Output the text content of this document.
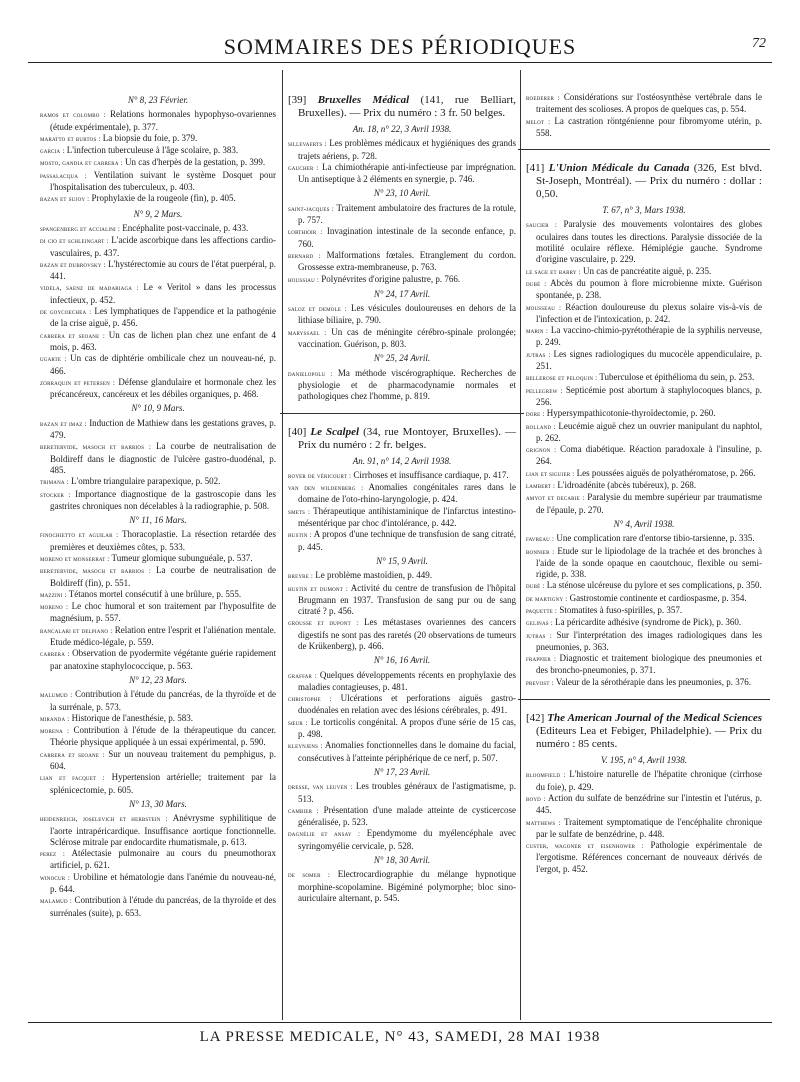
SOMMAIRES DES PÉRIODIQUES	72
N° 8, 23 Février.
ramos et colombo : Relations hormonales hypophyso-ovariennes (étude expérimentale), p. 377.
maratto et burtos : La biopsie du foie, p. 379.
garcia : L'infection tuberculeuse à l'âge scolaire, p. 383.
mosto, gandia et carrera : Un cas d'herpès de la gestation, p. 399.
passalacqua : Ventilation suivant le système Dosquet pour l'hospitalisation des tuberculeux, p. 403.
bazan et sujoy : Prophylaxie de la rougeole (fin), p. 405.
N° 9, 2 Mars.
spangenberg et accialini : Encéphalite post-vaccinale, p. 433.
di cio et schleingart : L'acide ascorbique dans les affections cardio-vasculaires, p. 437.
bazan et dubrovsky : L'hystérectomie au cours de l'état puerpéral, p. 441.
videla, saenz de madariaga : Le « Veritol » dans les processus infectieux, p. 452.
de goycoechea : Les lymphatiques de l'appendice et la pathogénie de la crise aiguë, p. 456.
carrera et seoane : Un cas de lichen plan chez une enfant de 4 mois, p. 463.
ugarte : Un cas de diphtérie ombilicale chez un nouveau-né, p. 466.
zorraquin et petersen : Défense glandulaire et hormonale chez les précancéreux, cancéreux et les débiles organiques, p. 468.
N° 10, 9 Mars.
bazan et imaz : Induction de Mathiew dans les gestations graves, p. 479.
beretervide, masoch et barrios : La courbe de neutralisation de Boldireff dans le diagnostic de l'ulcère gastro-duodénal, p. 485.
trimana : L'ombre triangulaire parapexique, p. 502.
stocker : Importance diagnostique de la gastroscopie dans les gastrites chroniques non décelables à la radiographie, p. 508.
N° 11, 16 Mars.
finochietto et aguilar : Thoracoplastie. La résection retardée des premières et deuxièmes côtes, p. 533.
moreno et monserrat : Tumeur glomique subunguéale, p. 537.
beretervide, masoch et barrios : La courbe de neutralisation de Boldireff (fin), p. 551.
mazzini : Tétanos mortel consécutif à une brûlure, p. 555.
moreno : Le choc humoral et son traitement par l'hyposulfite de magnésium, p. 557.
bancalari et delpiano : Relation entre l'esprit et l'aliénation mentale. Etude médico-légale, p. 559.
carrera : Observation de pyodermite végétante guérie rapidement par anatoxine staphylococcique, p. 563.
N° 12, 23 Mars.
malumud : Contribution à l'étude du pancréas, de la thyroïde et de la surrénale, p. 573.
miranda : Historique de l'anesthésie, p. 583.
morena : Contribution à l'étude de la thérapeutique du cancer. Théorie physique appliquée à un essai expérimental, p. 590.
carrera et seoane : Sur un nouveau traitement du pemphigus, p. 604.
lian et facquet : Hypertension artérielle; traitement par la splénicectomie, p. 605.
N° 13, 30 Mars.
heidenreich, joselevich et herbstein : Anévrysme syphilitique de l'aorte intrapéricardique. Insuffisance aortique fonctionnelle. Sclérose mitrale par endocardite rhumatismale, p. 613.
perez : Atélectasie pulmonaire au cours du pneumothorax artificiel, p. 621.
winocur : Urobiline et hématologie dans l'anémie du nouveau-né, p. 644.
malamud : Contribution à l'étude du pancréas, de la thyroïde et des surrénales (suite), p. 653.
[39] Bruxelles Médical (141, rue Belliart, Bruxelles). — Prix du numéro : 3 fr. 50 belges.
An. 18, n° 22, 3 Avril 1938.
sillevaerts : Les problèmes médicaux et hygiéniques des grands trajets aériens, p. 728.
gaucher : La chimiothérapie anti-infectieuse par imprégnation. Un antiseptique à 2 éléments en synergie, p. 746.
N° 23, 10 Avril.
saint-jacques : Traitement ambulatoire des fractures de la rotule, p. 757.
lorthioir : Invagination intestinale de la seconde enfance, p. 760.
bernard : Malformations fœtales. Etranglement du cordon. Grossesse extra-membraneuse, p. 763.
houssiau : Polynévrites d'origine palustre, p. 766.
N° 24, 17 Avril.
saloz et demole : Les vésicules douloureuses en dehors de la lithiase biliaire, p. 790.
maryssael : Un cas de méningite cérébro-spinale prolongée; vaccination. Guérison, p. 803.
N° 25, 24 Avril.
danielopolu : Ma méthode viscérographique. Recherches de physiologie et de pharmacodynamie normales et pathologiques chez l'homme, p. 819.
[40] Le Scalpel (34, rue Montoyer, Bruxelles). — Prix du numéro : 2 fr. belges.
An. 91, n° 14, 2 Avril 1938.
royer de véricourt : Cirrhoses et insuffisance cardiaque, p. 417.
van den wildenberg : Anomalies congénitales rares dans le domaine de l'oto-rhino-laryngologie, p. 424.
smets : Thérapeutique antihistaminique de l'infarctus intestino-mésentérique par choc d'intolérance, p. 442.
hustin : A propos d'une technique de transfusion de sang citraté, p. 445.
N° 15, 9 Avril.
breyre : Le problème mastoïdien, p. 449.
hustin et dumont : Activité du centre de transfusion de l'hôpital Brugmann en 1937. Transfusion de sang pur ou de sang citraté ? p. 456.
grousse et dupont : Les métastases ovariennes des cancers digestifs ne sont pas des raretés (20 observations de tumeurs de Krükenberg), p. 466.
N° 16, 16 Avril.
graffar : Quelques développements récents en prophylaxie des maladies contagieuses, p. 481.
christophe : Ulcérations et perforations aiguës gastro-duodénales en relation avec des lésions cérébrales, p. 491.
sœur : Le torticolis congénital. A propos d'une série de 15 cas, p. 498.
kleynjens : Anomalies fonctionnelles dans le domaine du facial, consécutives à l'atteinte périphérique de ce nerf, p. 507.
N° 17, 23 Avril.
dresse, van leuven : Les troubles généraux de l'astigmatisme, p. 513.
cambier : Présentation d'une malade atteinte de cysticercose généralisée, p. 523.
dagnélie et ansay : Ependymome du myélencéphale avec syringomyélie cervicale, p. 528.
N° 18, 30 Avril.
de somer : Electrocardiographie du mélange hypnotique morphine-scopolamine. Bigéminé polymorphe; bloc sino-auriculaire alternant, p. 545.
roederer : Considérations sur l'ostéosynthèse vertébrale dans le traitement des scolioses. A propos de quelques cas, p. 554.
melot : La castration röntgénienne pour fibromyome utérin, p. 558.
[41] L'Union Médicale du Canada (326, Est blvd. St-Joseph, Montréal). — Prix du numéro : dollar : 0,50.
T. 67, n° 3, Mars 1938.
saucier : Paralysie des mouvements volontaires des globes oculaires dans toutes les directions. Paralysie dissociée de la motilité oculaire réflexe. Hémiplégie gauche. Syndrome d'origine vasculaire, p. 229.
le sage et barry : Un cas de pancréatite aiguë, p. 235.
dubé : Abcès du poumon à flore microbienne mixte. Guérison spontanée, p. 238.
mousseau : Réaction douloureuse du plexus solaire vis-à-vis de l'infection et de l'intoxication, p. 242.
marin : La vaccino-chimio-pyrétothérapie de la syphilis nerveuse, p. 249.
jutras : Les signes radiologiques du mucocèle appendiculaire, p. 251.
bellerose et peloquin : Tuberculose et épithélioma du sein, p. 253.
pellegrew : Septicémie post abortum à staphylocoques blancs, p. 256.
dore : Hypersympathicotonie-thyroïdectomie, p. 260.
rolland : Leucémie aiguë chez un ouvrier manipulant du naphtol, p. 262.
grignon : Coma diabétique. Réaction paradoxale à l'insuline, p. 264.
lian et siguier : Les poussées aiguës de polyathéromatose, p. 266.
lambert : L'idroadénite (abcès tubéreux), p. 268.
amyot et decarie : Paralysie du membre supérieur par traumatisme de l'épaule, p. 270.
N° 4, Avril 1938.
favreau : Une complication rare d'entorse tibio-tarsienne, p. 335.
bonnier : Etude sur le lipiodolage de la trachée et des bronches à l'aide de la sonde opaque en caoutchouc, flexible ou semi-rigide, p. 338.
dubé : La sténose ulcéreuse du pylore et ses complications, p. 350.
de martigny : Gastrostomie continente et cardiospasme, p. 354.
paquette : Stomatites à fuso-spirilles, p. 357.
gelinas : La péricardite adhésive (syndrome de Pick), p. 360.
jutras : Sur l'interprétation des images radiologiques dans les pneumonies, p. 363.
frappier : Diagnostic et traitement biologique des pneumonies et des broncho-pneumonies, p. 371.
prevost : Valeur de la sérothérapie dans les pneumonies, p. 376.
[42] The American Journal of the Medical Sciences (Editeurs Lea et Febiger, Philadelphie). — Prix du numéro : 85 cents.
V. 195, n° 4, Avril 1938.
bloomfield : L'histoire naturelle de l'hépatite chronique (cirrhose du foie), p. 429.
boyd : Action du sulfate de benzédrine sur l'intestin et l'utérus, p. 445.
matthews : Traitement symptomatique de l'encéphalite chronique par le sulfate de benzédrine, p. 448.
custer, wagoner et eisenhower : Pathologie expérimentale de l'ergotisme. Références concernant de nouveaux dérivés de l'ergot, p. 452.
LA PRESSE MEDICALE, N° 43, SAMEDI, 28 MAI 1938
